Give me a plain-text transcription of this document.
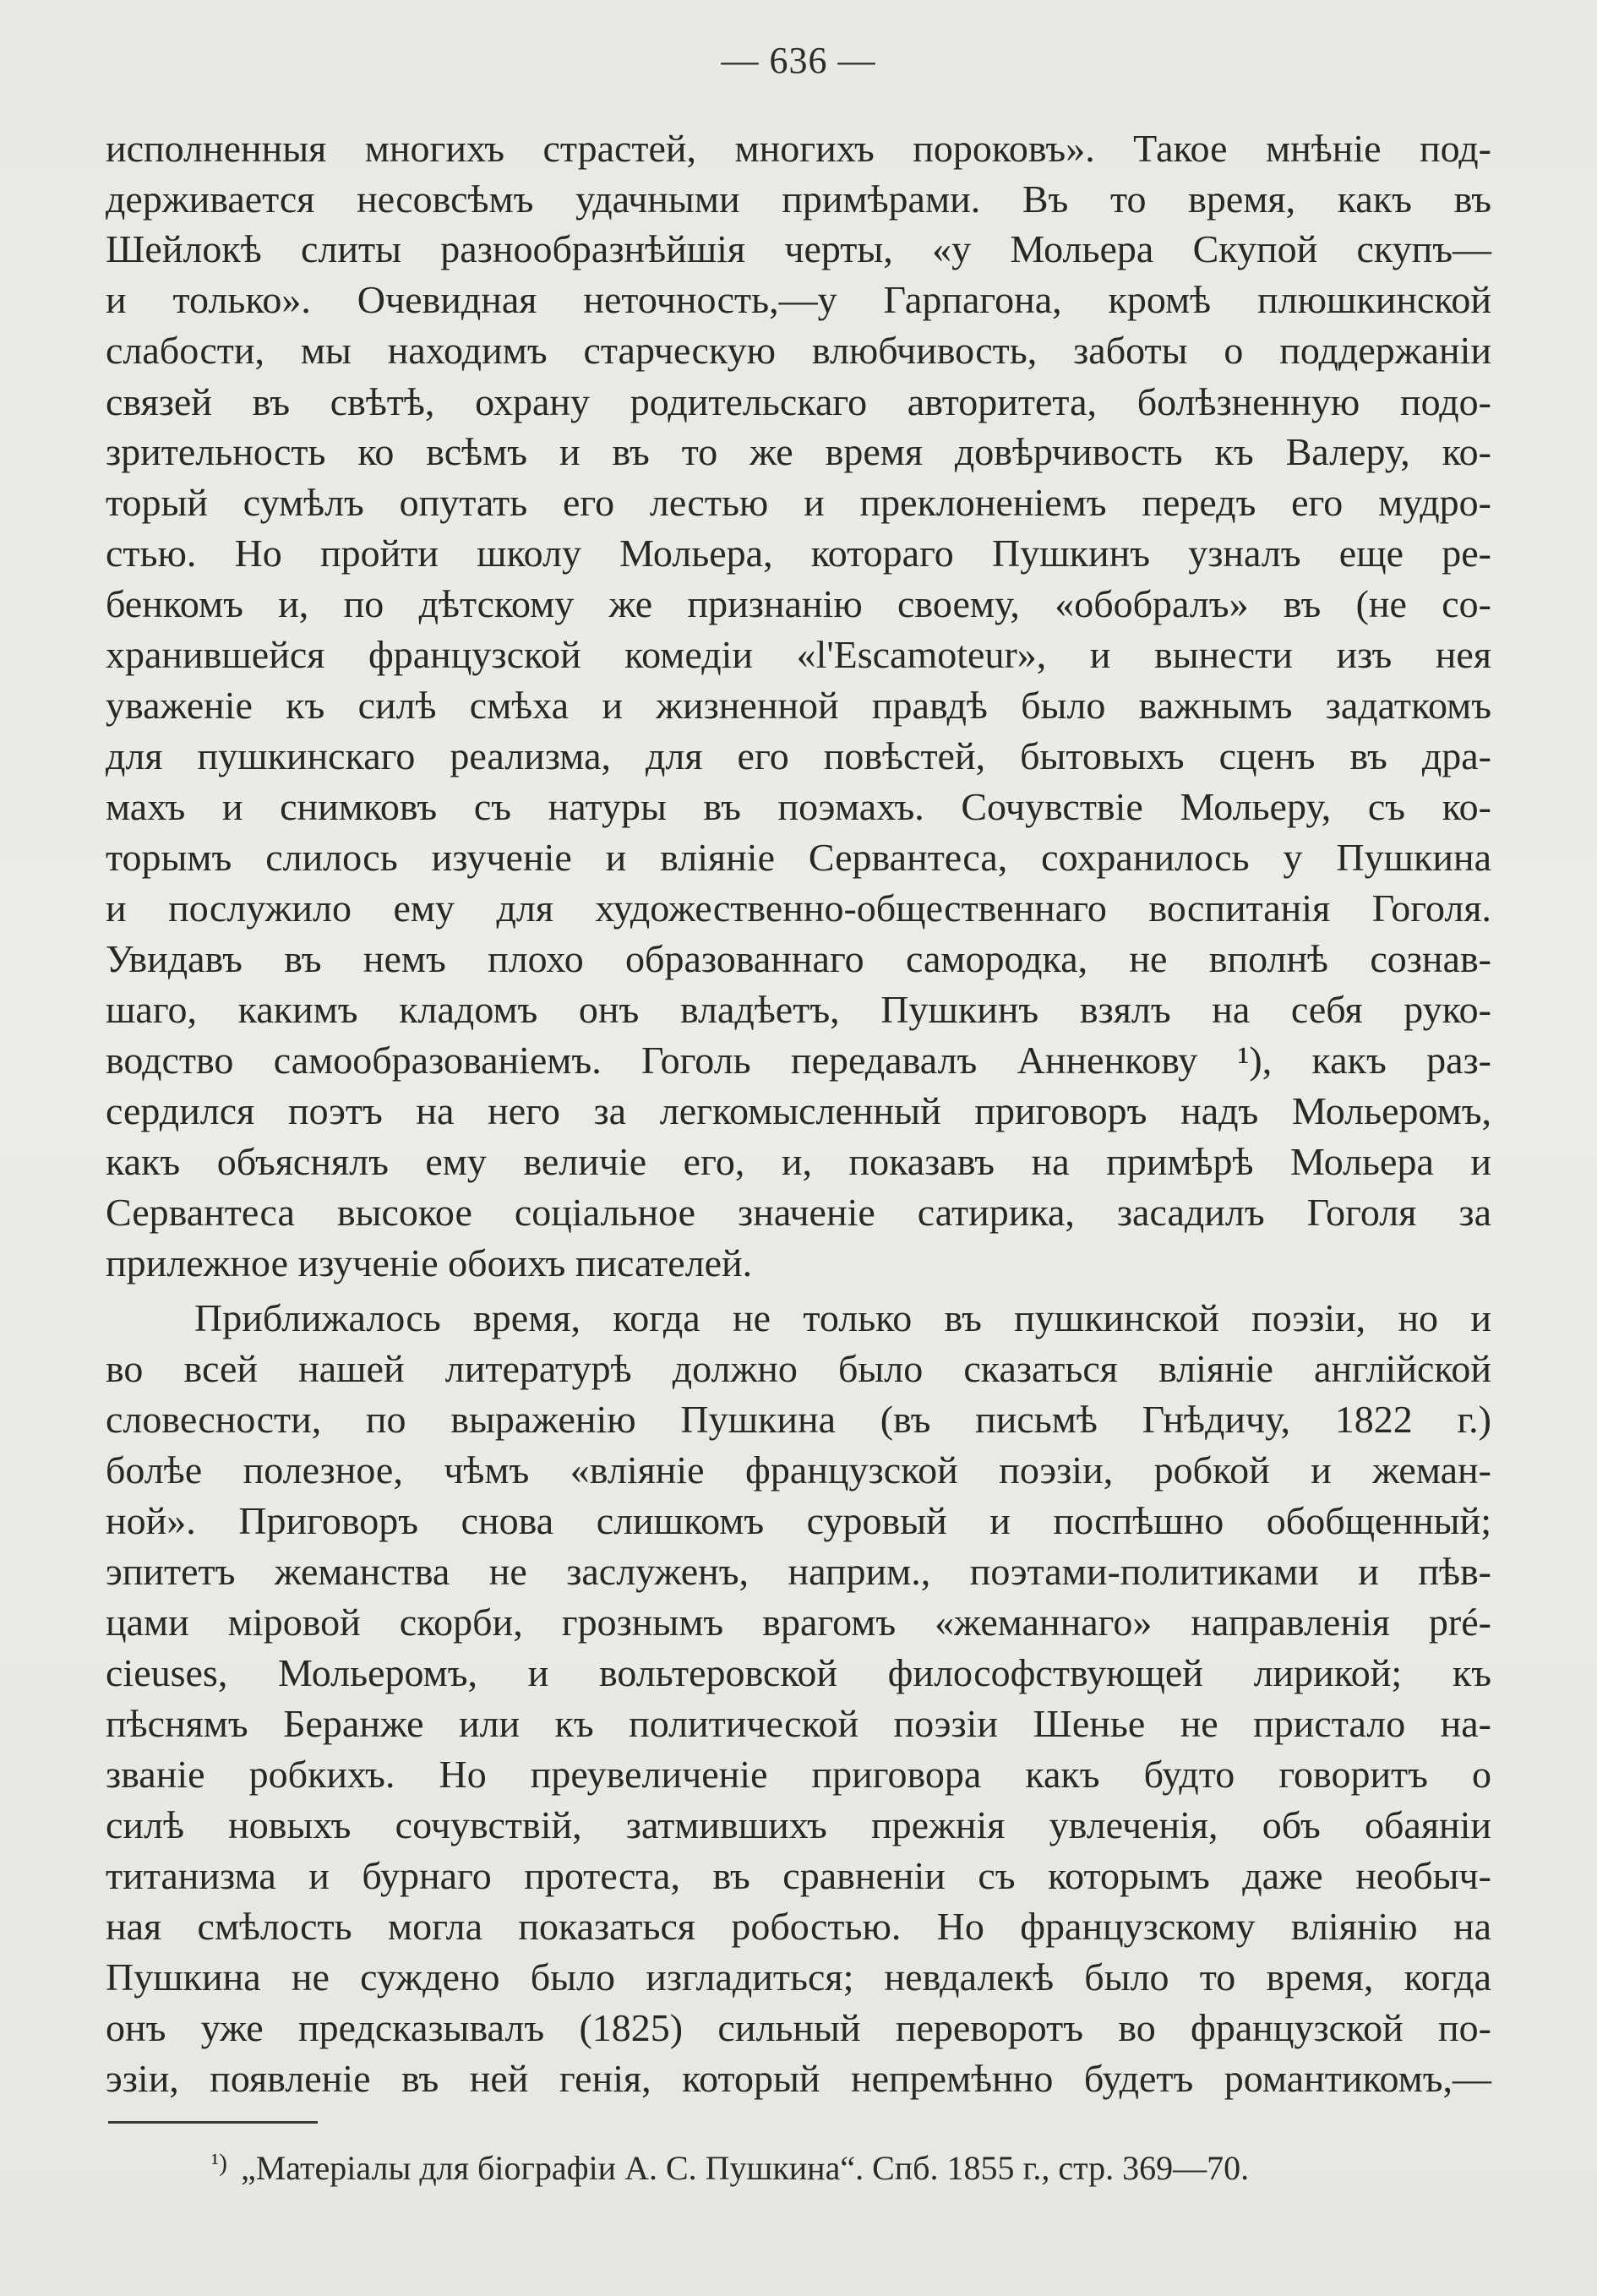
— 636 —
исполненныя многихъ страстей, многихъ пороковъ». Такое мнѣніе под-
держивается несовсѣмъ удачными примѣрами. Въ то время, какъ въ
Шейлокѣ слиты разнообразнѣйшія черты, «у Мольера Скупой скупъ—
и только». Очевидная неточность,—у Гарпагона, кромѣ плюшкинской
слабости, мы находимъ старческую влюбчивость, заботы о поддержаніи
связей въ свѣтѣ, охрану родительскаго авторитета, болѣзненную подо-
зрительность ко всѣмъ и въ то же время довѣрчивость къ Валеру, ко-
торый сумѣлъ опутать его лестью и преклоненіемъ передъ его мудро-
стью. Но пройти школу Мольера, котораго Пушкинъ узналъ еще ре-
бенкомъ и, по дѣтскому же признанію своему, «обобралъ» въ (не со-
хранившейся французской комедіи «l'Escamoteur», и вынести изъ нея
уваженіе къ силѣ смѣха и жизненной правдѣ было важнымъ задаткомъ
для пушкинскаго реализма, для его повѣстей, бытовыхъ сценъ въ дра-
махъ и снимковъ съ натуры въ поэмахъ. Сочувствіе Мольеру, съ ко-
торымъ слилось изученіе и вліяніе Сервантеса, сохранилось у Пушкина
и послужило ему для художественно-общественнаго воспитанія Гоголя.
Увидавъ въ немъ плохо образованнаго самородка, не вполнѣ сознав-
шаго, какимъ кладомъ онъ владѣетъ, Пушкинъ взялъ на себя руко-
водство самообразованіемъ. Гоголь передавалъ Анненкову ¹), какъ раз-
сердился поэтъ на него за легкомысленный приговоръ надъ Мольеромъ,
какъ объяснялъ ему величіе его, и, показавъ на примѣрѣ Мольера и
Сервантеса высокое соціальное значеніе сатирика, засадилъ Гоголя за
прилежное изученіе обоихъ писателей.
Приближалось время, когда не только въ пушкинской поэзіи, но и
во всей нашей литературѣ должно было сказаться вліяніе англійской
словесности, по выраженію Пушкина (въ письмѣ Гнѣдичу, 1822 г.)
болѣе полезное, чѣмъ «вліяніе французской поэзіи, робкой и жеман-
ной». Приговоръ снова слишкомъ суровый и поспѣшно обобщенный;
эпитетъ жеманства не заслуженъ, наприм., поэтами-политиками и пѣв-
цами міровой скорби, грознымъ врагомъ «жеманнаго» направленія pré-
cieuses, Мольеромъ, и вольтеровской философствующей лирикой; къ
пѣснямъ Беранже или къ политической поэзіи Шенье не пристало на-
званіе робкихъ. Но преувеличеніе приговора какъ будто говоритъ о
силѣ новыхъ сочувствій, затмившихъ прежнія увлеченія, объ обаяніи
титанизма и бурнаго протеста, въ сравненіи съ которымъ даже необыч-
ная смѣлость могла показаться робостью. Но французскому вліянію на
Пушкина не суждено было изгладиться; невдалекѣ было то время, когда
онъ уже предсказывалъ (1825) сильный переворотъ во французской по-
эзіи, появленіе въ ней генія, который непремѣнно будетъ романтикомъ,—
$^{^1)}$ „Матеріалы для біографіи А. С. Пушкина“. Спб. 1855 г., стр. 369—70.
